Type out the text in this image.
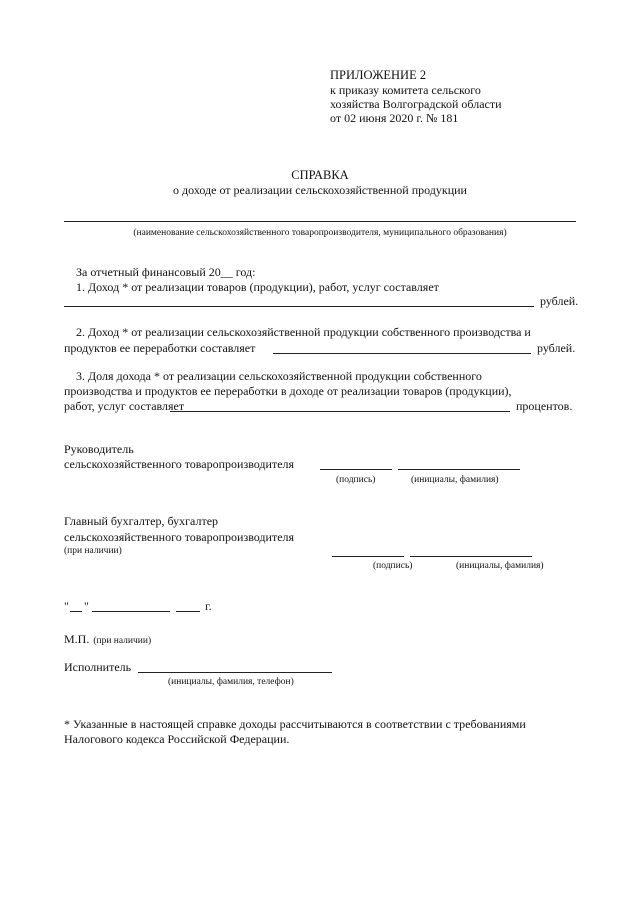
ПРИЛОЖЕНИЕ 2
к приказу комитета сельского
хозяйства Волгоградской области
от 02 июня 2020 г. № 181
СПРАВКА
о доходе от реализации сельскохозяйственной продукции
(наименование сельскохозяйственного товаропроизводителя, муниципального образования)
За отчетный финансовый 20__ год:
1. Доход * от реализации товаров (продукции), работ, услуг составляет
рублей.
2. Доход * от реализации сельскохозяйственной продукции собственного производства и
продуктов ее переработки составляет	рублей.
3. Доля дохода * от реализации сельскохозяйственной продукции собственного
производства и продуктов ее переработки в доходе от реализации товаров (продукции),
работ, услуг составляет	процентов.
Руководитель
сельскохозяйственного товаропроизводителя
(подпись)	(инициалы, фамилия)
Главный бухгалтер, бухгалтер
сельскохозяйственного товаропроизводителя
(при наличии)
(подпись)	(инициалы, фамилия)
" "	г.
М.П. (при наличии)
Исполнитель
(инициалы, фамилия, телефон)
* Указанные в настоящей справке доходы рассчитываются в соответствии с требованиями
Налогового кодекса Российской Федерации.
